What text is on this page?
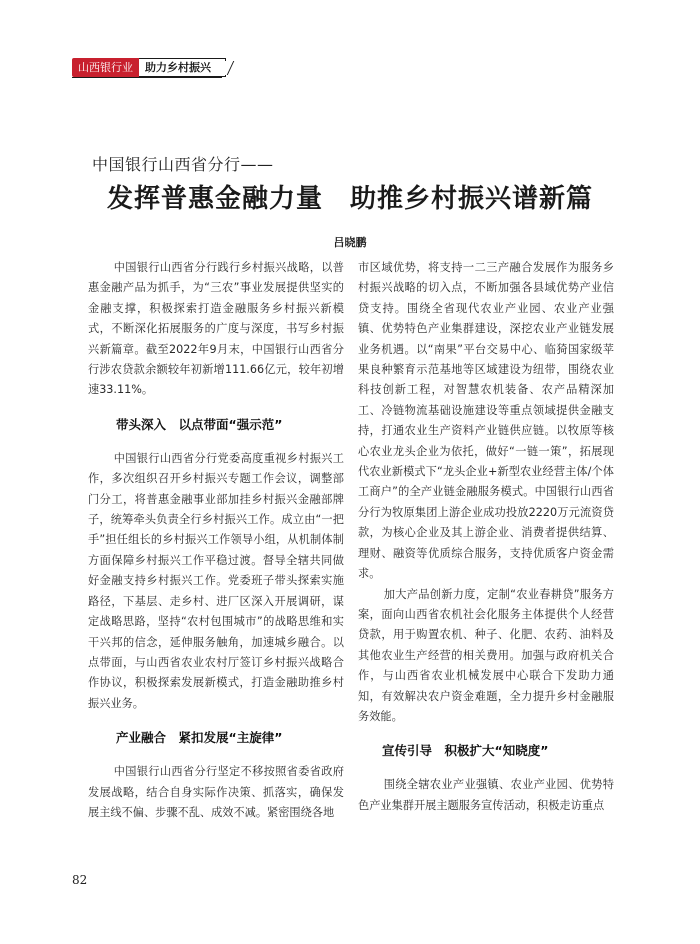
山西银行业	助力乡村振兴
中国银行山西省分行——
发挥普惠金融力量　助推乡村振兴谱新篇
吕晓鹏

中国银行山西省分行践行乡村振兴战略，以普惠金融产品为抓手，为“三农”事业发展提供坚实的金融支撑，积极探索打造金融服务乡村振兴新模式，不断深化拓展服务的广度与深度，书写乡村振兴新篇章。截至2022年9月末，中国银行山西省分行涉农贷款余额较年初新增111.66亿元，较年初增速33.11%。

带头深入　以点带面“强示范”

中国银行山西省分行党委高度重视乡村振兴工作，多次组织召开乡村振兴专题工作会议，调整部门分工，将普惠金融事业部加挂乡村振兴金融部牌子，统筹牵头负责全行乡村振兴工作。成立由“一把手”担任组长的乡村振兴工作领导小组，从机制体制方面保障乡村振兴工作平稳过渡。督导全辖共同做好金融支持乡村振兴工作。党委班子带头探索实施路径，下基层、走乡村、进厂区深入开展调研，谋定战略思路，坚持“农村包围城市”的战略思维和实干兴邦的信念，延伸服务触角，加速城乡融合。以点带面，与山西省农业农村厅签订乡村振兴战略合作协议，积极探索发展新模式，打造金融助推乡村振兴业务。

产业融合　紧扣发展“主旋律”

中国银行山西省分行坚定不移按照省委省政府发展战略，结合自身实际作决策、抓落实，确保发展主线不偏、步骤不乱、成效不减。紧密围绕各地

市区域优势，将支持一二三产融合发展作为服务乡村振兴战略的切入点，不断加强各县域优势产业信贷支持。围绕全省现代农业产业园、农业产业强镇、优势特色产业集群建设，深挖农业产业链发展业务机遇。以“南果”平台交易中心、临猗国家级苹果良种繁育示范基地等区域建设为纽带，围绕农业科技创新工程，对智慧农机装备、农产品精深加工、冷链物流基础设施建设等重点领域提供金融支持，打通农业生产资料产业链供应链。以牧原等核心农业龙头企业为依托，做好“一链一策”，拓展现代农业新模式下“龙头企业+新型农业经营主体/个体工商户”的全产业链金融服务模式。中国银行山西省分行为牧原集团上游企业成功投放2220万元流资贷款，为核心企业及其上游企业、消费者提供结算、理财、融资等优质综合服务，支持优质客户资金需求。

加大产品创新力度，定制“农业春耕贷”服务方案，面向山西省农机社会化服务主体提供个人经营贷款，用于购置农机、种子、化肥、农药、油料及其他农业生产经营的相关费用。加强与政府机关合作，与山西省农业机械发展中心联合下发助力通知，有效解决农户资金难题，全力提升乡村金融服务效能。

宣传引导　积极扩大“知晓度”

围绕全辖农业产业强镇、农业产业园、优势特色产业集群开展主题服务宣传活动，积极走访重点

82
